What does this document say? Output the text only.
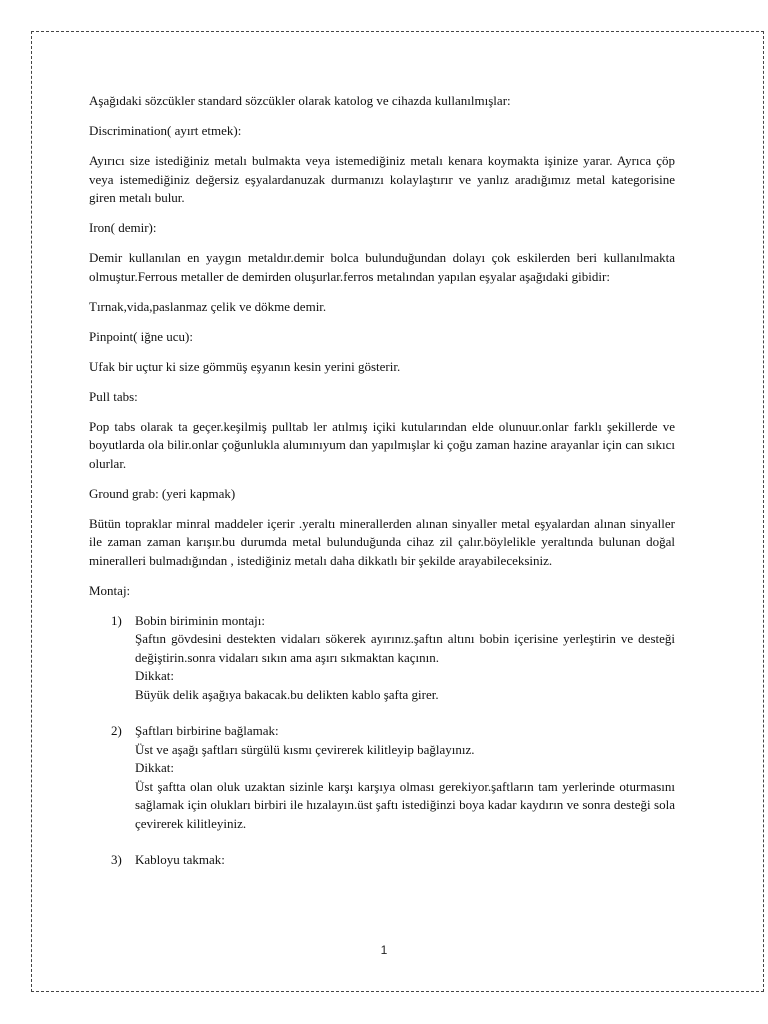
Aşağıdaki sözcükler standard sözcükler olarak katolog ve cihazda kullanılmışlar:

Discrimination( ayırt etmek):

Ayırıcı size istediğiniz metalı bulmakta veya istemediğiniz metalı kenara koymakta işinize yarar. Ayrıca çöp veya istemediğiniz değersiz eşyalardanuzak durmanızı kolaylaştırır ve yanlız aradığımız metal kategorisine giren metalı bulur.

Iron( demir):

Demir kullanılan en yaygın metaldır.demir bolca bulunduğundan dolayı çok eskilerden beri kullanılmakta olmuştur.Ferrous metaller de demirden oluşurlar.ferros metalından yapılan eşyalar aşağıdaki gibidir:

Tırnak,vida,paslanmaz çelik ve dökme demir.

Pinpoint( iğne ucu):

Ufak bir uçtur ki size gömmüş eşyanın kesin yerini gösterir.

Pull tabs:

Pop tabs olarak ta geçer.keşilmiş pulltab ler atılmış içiki kutularından elde olunuur.onlar farklı şekillerde ve boyutlarda ola bilir.onlar çoğunlukla alumınıyum dan yapılmışlar ki çoğu zaman hazine arayanlar için can sıkıcı olurlar.

Ground grab: (yeri kapmak)

Bütün topraklar minral maddeler içerir .yeraltı minerallerden alınan sinyaller metal eşyalardan alınan sinyaller ile zaman zaman karışır.bu durumda metal bulunduğunda cihaz zil çalır.böylelikle yeraltında bulunan doğal mineralleri bulmadığından , istediğiniz metalı daha dikkatlı bir şekilde arayabileceksiniz.

Montaj:

1) Bobin biriminin montajı:
Şaftın gövdesini destekten vidaları sökerek ayırınız.şaftın altını bobin içerisine yerleştirin ve desteği değiştirin.sonra vidaları sıkın ama aşırı sıkmaktan kaçının.
Dikkat:
Büyük delik aşağıya bakacak.bu delikten kablo şafta girer.
2) Şaftları birbirine bağlamak:
Üst ve aşağı şaftları sürgülü kısmı çevirerek kilitleyip bağlayınız.
Dikkat:
Üst şaftta olan oluk uzaktan sizinle karşı karşıya olması gerekiyor.şaftların tam yerlerinde oturmasını sağlamak için olukları birbiri ile hızalayın.üst şaftı istediğinzi boya kadar kaydırın ve sonra desteği sola çevirerek kilitleyiniz.
3) Kabloyu takmak:
1
